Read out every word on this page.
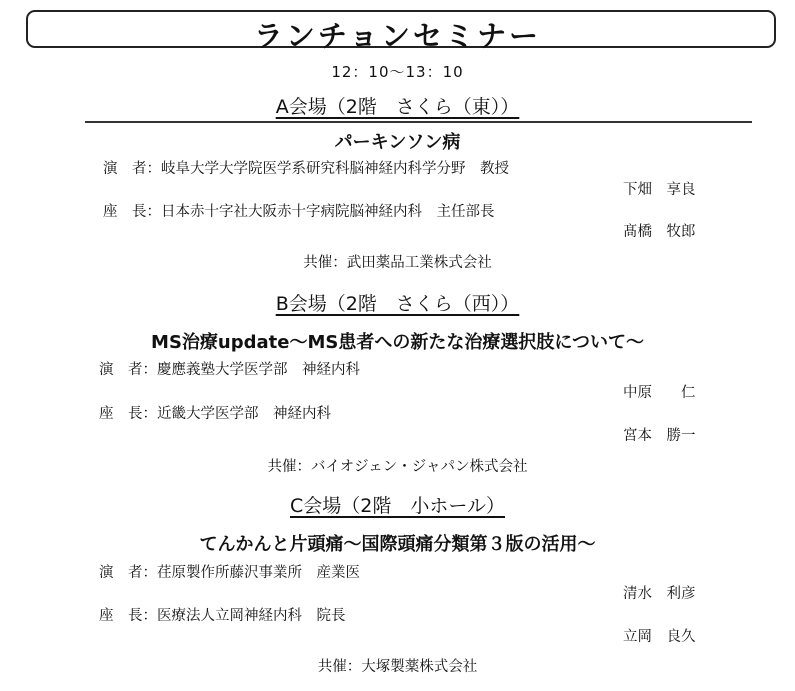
ランチョンセミナー
12：10〜13：10
A会場（2階　さくら（東））
パーキンソン病
演　者：岐阜大学大学院医学系研究科脳神経内科学分野　教授
下畑　享良
座　長：日本赤十字社大阪赤十字病院脳神経内科　主任部長
髙橋　牧郎
共催：武田薬品工業株式会社
B会場（2階　さくら（西））
MS治療update〜MS患者への新たな治療選択肢について〜
演　者：慶應義塾大学医学部　神経内科
中原　　仁
座　長：近畿大学医学部　神経内科
宮本　勝一
共催：バイオジェン・ジャパン株式会社
C会場（2階　小ホール）
てんかんと片頭痛〜国際頭痛分類第３版の活用〜
演　者：荏原製作所藤沢事業所　産業医
清水　利彦
座　長：医療法人立岡神経内科　院長
立岡　良久
共催：大塚製薬株式会社
